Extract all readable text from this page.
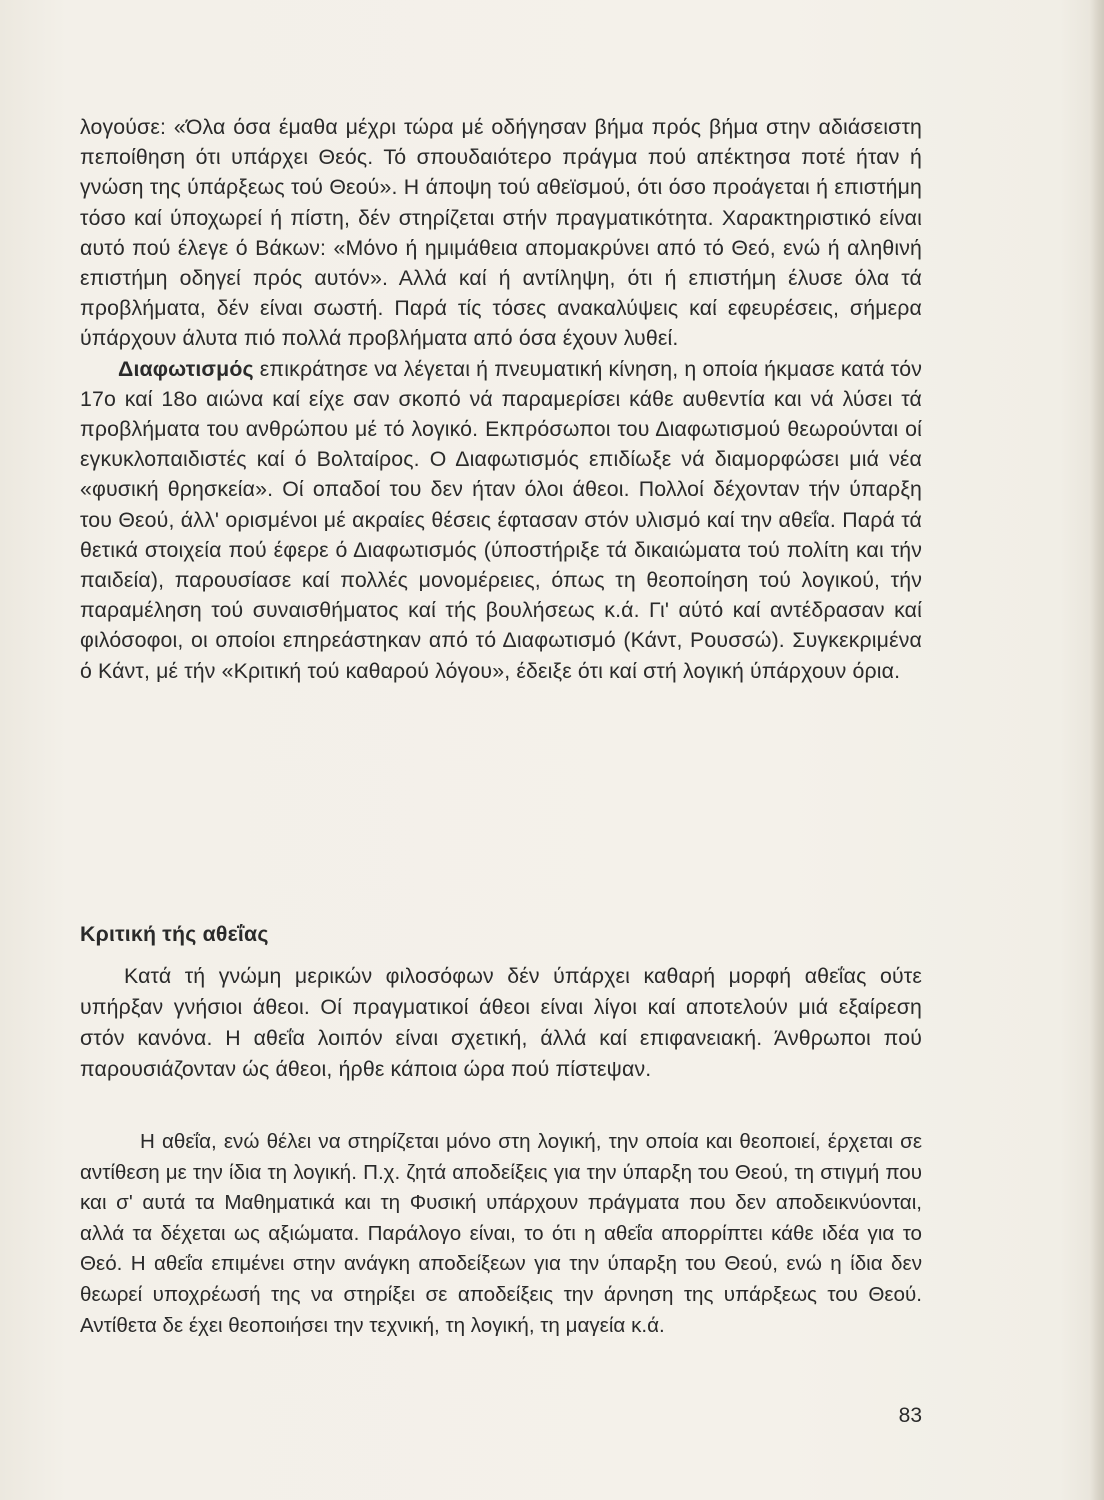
λογούσε: «Όλα όσα έμαθα μέχρι τώρα μέ οδήγησαν βήμα πρός βήμα στην αδιάσειστη πεποίθηση ότι υπάρχει Θεός. Τό σπουδαιότερο πράγμα πού απέκτησα ποτέ ήταν ή γνώση της ύπάρξεως τού Θεού». Η άποψη τού αθεϊσμού, ότι όσο προάγεται ή επιστήμη τόσο καί ύποχωρεί ή πίστη, δέν στηρίζεται στήν πραγματικότητα. Χαρακτηριστικό είναι αυτό πού έλεγε ό Βάκων: «Μόνο ή ημιμάθεια απομακρύνει από τό Θεό, ενώ ή αληθινή επιστήμη οδηγεί πρός αυτόν». Αλλά καί ή αντίληψη, ότι ή επιστήμη έλυσε όλα τά προβλήματα, δέν είναι σωστή. Παρά τίς τόσες ανακαλύψεις καί εφευρέσεις, σήμερα ύπάρχουν άλυτα πιό πολλά προβλήματα από όσα έχουν λυθεί.

Διαφωτισμός επικράτησε να λέγεται ή πνευματική κίνηση, η οποία ήκμασε κατά τόν 17ο καί 18ο αιώνα καί είχε σαν σκοπό νά παραμερίσει κάθε αυθεντία και νά λύσει τά προβλήματα του ανθρώπου μέ τό λογικό. Εκπρόσωποι του Διαφωτισμού θεωρούνται οί εγκυκλοπαιδιστές καί ό Βολταίρος. Ο Διαφωτισμός επιδίωξε νά διαμορφώσει μιά νέα «φυσική θρησκεία». Οί οπαδοί του δεν ήταν όλοι άθεοι. Πολλοί δέχονταν τήν ύπαρξη του Θεού, άλλ' ορισμένοι μέ ακραίες θέσεις έφτασαν στόν υλισμό καί την αθεΐα. Παρά τά θετικά στοιχεία πού έφερε ό Διαφωτισμός (ύποστήριξε τά δικαιώματα τού πολίτη και τήν παιδεία), παρουσίασε καί πολλές μονομέρειες, όπως τη θεοποίηση τού λογικού, τήν παραμέληση τού συναισθήματος καί τής βουλήσεως κ.ά. Γι' αύτό καί αντέδρασαν καί φιλόσοφοι, οι οποίοι επηρεάστηκαν από τό Διαφωτισμό (Κάντ, Ρουσσώ). Συγκεκριμένα ό Κάντ, μέ τήν «Κριτική τού καθαρού λόγου», έδειξε ότι καί στή λογική ύπάρχουν όρια.

Κριτική τής αθεΐας

Κατά τή γνώμη μερικών φιλοσόφων δέν ύπάρχει καθαρή μορφή αθεΐας ούτε υπήρξαν γνήσιοι άθεοι. Οί πραγματικοί άθεοι είναι λίγοι καί αποτελούν μιά εξαίρεση στόν κανόνα. Η αθεΐα λοιπόν είναι σχετική, άλλά καί επιφανειακή. Άνθρωποι πού παρουσιάζονταν ώς άθεοι, ήρθε κάποια ώρα πού πίστεψαν.

Η αθεΐα, ενώ θέλει να στηρίζεται μόνο στη λογική, την οποία και θεοποιεί, έρχεται σε αντίθεση με την ίδια τη λογική. Π.χ. ζητά αποδείξεις για την ύπαρξη του Θεού, τη στιγμή που και σ' αυτά τα Μαθηματικά και τη Φυσική υπάρχουν πράγματα που δεν αποδεικνύονται, αλλά τα δέχεται ως αξιώματα. Παράλογο είναι, το ότι η αθεΐα απορρίπτει κάθε ιδέα για το Θεό. Η αθεΐα επιμένει στην ανάγκη αποδείξεων για την ύπαρξη του Θεού, ενώ η ίδια δεν θεωρεί υποχρέωσή της να στηρίξει σε αποδείξεις την άρνηση της υπάρξεως του Θεού. Αντίθετα δε έχει θεοποιήσει την τεχνική, τη λογική, τη μαγεία κ.ά.

83
